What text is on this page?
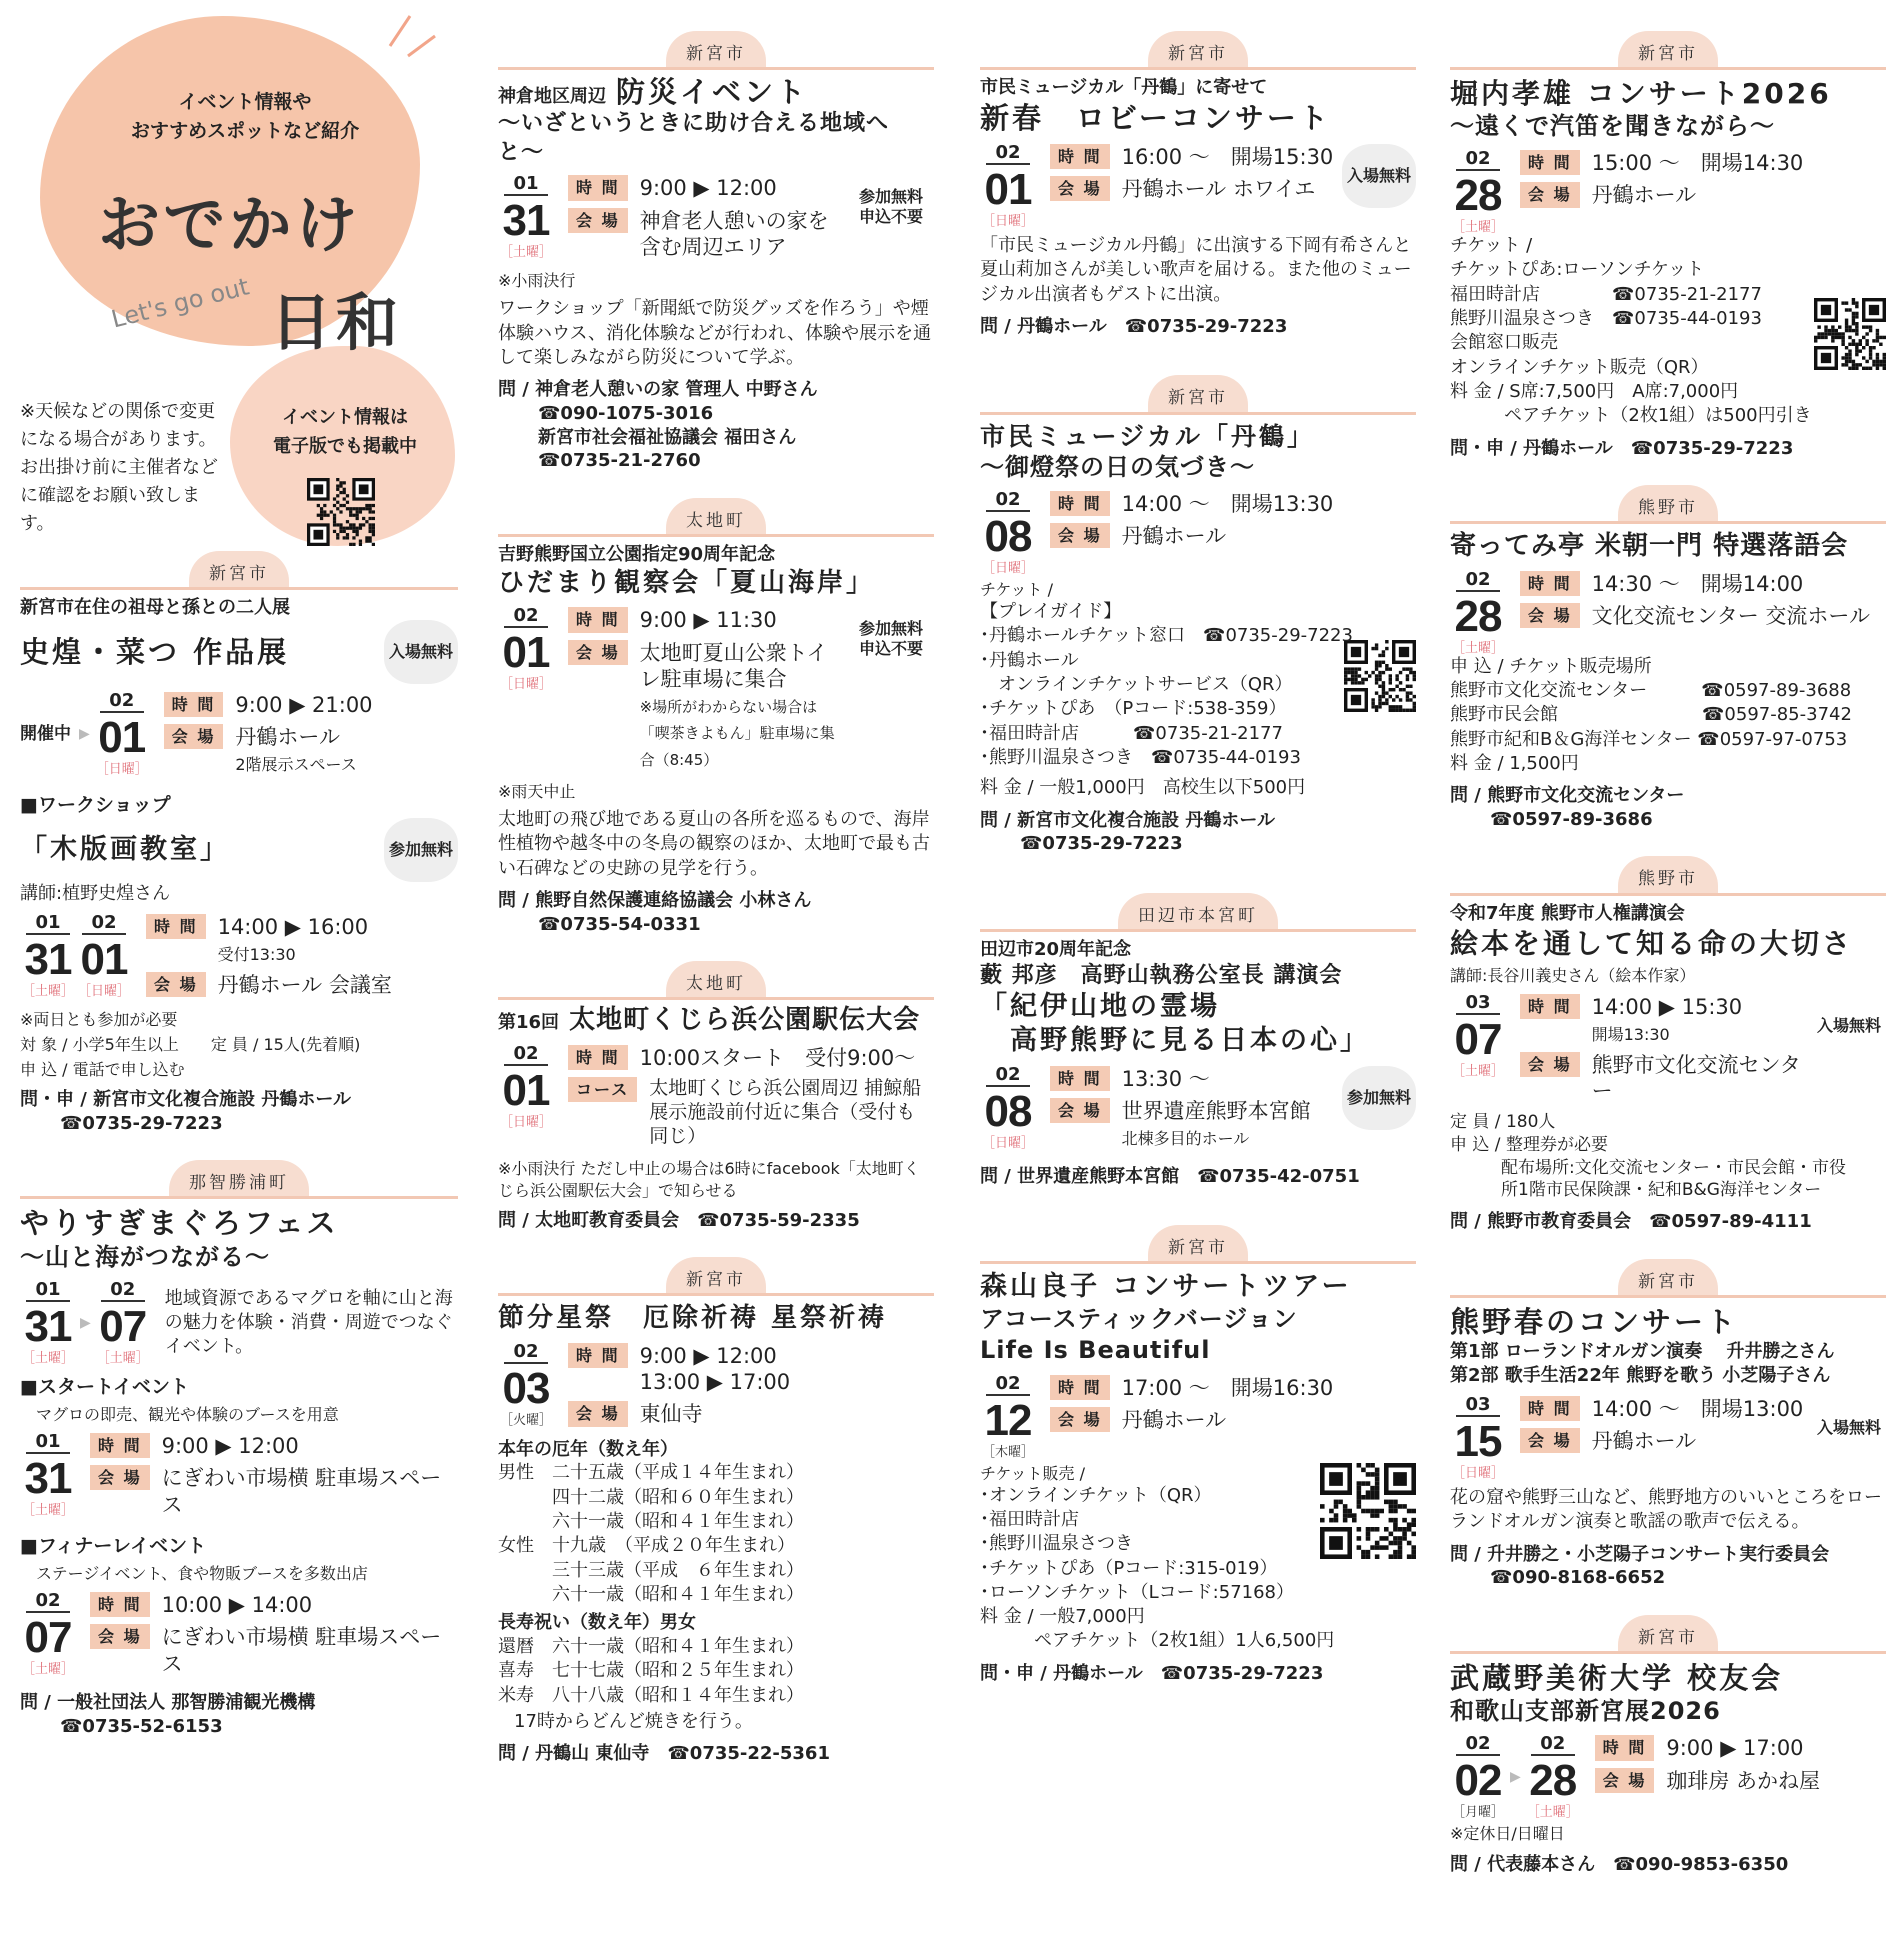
イベント情報や
おすすめスポットなど紹介
おでかけ
Let's go out 日和
※天候などの関係で変更になる場合があります。お出掛け前に主催者などに確認をお願い致します。
イベント情報は
電子版でも掲載中
新宮市
新宮市在住の祖母と孫との二人展
史煌・菜つ 作品展	入場無料
開催中 ▶
02
01
［日曜］
時 間 9:00 ▶ 21:00
会 場 丹鶴ホール
2階展示スペース
■ワークショップ
「木版画教室」	参加無料
講師:植野史煌さん
01
31
［土曜］
02
01
［日曜］
時 間 14:00 ▶ 16:00
受付13:30
会 場 丹鶴ホール 会議室
※両日とも参加が必要
対 象 / 小学5年生以上　　定 員 / 15人(先着順)
申 込 / 電話で申し込む
問・申 / 新宮市文化複合施設 丹鶴ホール
☎0735-29-7223
那智勝浦町
やりすぎまぐろフェス
〜山と海がつながる〜
01
31
［土曜］
▶
02
07
［土曜］
地域資源であるマグロを軸に山と海の魅力を体験・消費・周遊でつなぐイベント。
■スタートイベント
マグロの即売、観光や体験のブースを用意
01
31
［土曜］
時 間 9:00 ▶ 12:00
会 場 にぎわい市場横 駐車場スペース
■フィナーレイベント
ステージイベント、食や物販ブースを多数出店
02
07
［土曜］
時 間 10:00 ▶ 14:00
会 場 にぎわい市場横 駐車場スペース
問 / 一般社団法人 那智勝浦観光機構
☎0735-52-6153
新宮市
神倉地区周辺 防災イベント
〜いざというときに助け合える地域へと〜
01
31
［土曜］
時 間 9:00 ▶ 12:00
会 場 神倉老人憩いの家を含む周辺エリア
参加無料
申込不要
※小雨決行
ワークショップ「新聞紙で防災グッズを作ろう」や煙体験ハウス、消化体験などが行われ、体験や展示を通して楽しみながら防災について学ぶ。
問 / 神倉老人憩いの家 管理人 中野さん
☎090-1075-3016
新宮市社会福祉協議会 福田さん
☎0735-21-2760
太地町
吉野熊野国立公園指定90周年記念
ひだまり観察会「夏山海岸」
02
01
［日曜］
時 間 9:00 ▶ 11:30
会 場 太地町夏山公衆トイレ駐車場に集合
※場所がわからない場合は「喫茶きよもん」駐車場に集合（8:45）
参加無料
申込不要
※雨天中止
太地町の飛び地である夏山の各所を巡るもので、海岸性植物や越冬中の冬鳥の観察のほか、太地町で最も古い石碑などの史跡の見学を行う。
問 / 熊野自然保護連絡協議会 小林さん
☎0735-54-0331
太地町
第16回 太地町くじら浜公園駅伝大会
02
01
［日曜］
時 間 10:00スタート　受付9:00〜
コース	太地町くじら浜公園周辺 捕鯨船展示施設前付近に集合（受付も同じ）
※小雨決行 ただし中止の場合は6時にfacebook「太地町くじら浜公園駅伝大会」で知らせる
問 / 太地町教育委員会　☎0735-59-2335
新宮市
節分星祭　厄除祈祷 星祭祈祷
02
03
［火曜］
時 間 9:00 ▶ 12:00
13:00 ▶ 17:00
会 場 東仙寺
本年の厄年（数え年）
男性　二十五歳（平成１４年生まれ）
　　　四十二歳（昭和６０年生まれ）
　　　六十一歳（昭和４１年生まれ）
女性　十九歳　（平成２０年生まれ）
　　　三十三歳（平成　６年生まれ）
　　　六十一歳（昭和４１年生まれ）
長寿祝い（数え年）男女
還暦　六十一歳（昭和４１年生まれ）
喜寿　七十七歳（昭和２５年生まれ）
米寿　八十八歳（昭和１４年生まれ）
17時からどんど焼きを行う。
問 / 丹鶴山 東仙寺　☎0735-22-5361
新宮市
市民ミュージカル「丹鶴」に寄せて
新春　ロビーコンサート
02
01
［日曜］
時 間 16:00 〜　開場15:30
会 場 丹鶴ホール ホワイエ
入場無料
「市民ミュージカル丹鶴」に出演する下岡有希さんと夏山莉加さんが美しい歌声を届ける。また他のミュージカル出演者もゲストに出演。
問 / 丹鶴ホール　☎0735-29-7223
新宮市
市民ミュージカル「丹鶴」
〜御燈祭の日の気づき〜
02
08
［日曜］
時 間 14:00 〜　開場13:30
会 場 丹鶴ホール
チケット /
【プレイガイド】
･丹鶴ホールチケット窓口　☎0735-29-7223
･丹鶴ホール
　オンラインチケットサービス（QR）
･チケットぴあ　（Pコード:538-359）
･福田時計店　　　☎0735-21-2177
･熊野川温泉さつき　☎0735-44-0193
料 金 / 一般1,000円　高校生以下500円
問 / 新宮市文化複合施設 丹鶴ホール
☎0735-29-7223
田辺市本宮町
田辺市20周年記念
藪 邦彦　高野山執務公室長 講演会
「紀伊山地の霊場
　高野熊野に見る日本の心」
02
08
［日曜］
時 間 13:30 〜
会 場 世界遺産熊野本宮館
北棟多目的ホール
参加無料
問 / 世界遺産熊野本宮館　☎0735-42-0751
新宮市
森山良子 コンサートツアー
アコースティックバージョン
Life Is Beautiful
02
12
［木曜］
時 間 17:00 〜　開場16:30
会 場 丹鶴ホール
チケット販売 /
･オンラインチケット（QR）
･福田時計店
･熊野川温泉さつき
･チケットぴあ（Pコード:315-019）
･ローソンチケット（Lコード:57168）
料 金 / 一般7,000円
　　　ペアチケット（2枚1組）1人6,500円
問・申 / 丹鶴ホール　☎0735-29-7223
新宮市
堀内孝雄 コンサート2026
〜遠くで汽笛を聞きながら〜
02
28
［土曜］
時 間 15:00 〜　開場14:30
会 場 丹鶴ホール
チケット /
チケットぴあ:ローソンチケット
福田時計店　　　　☎0735-21-2177
熊野川温泉さつき　☎0735-44-0193
会館窓口販売
オンラインチケット販売（QR）
料 金 / S席:7,500円　A席:7,000円
　　　ペアチケット（2枚1組）は500円引き
問・申 / 丹鶴ホール　☎0735-29-7223
熊野市
寄ってみ亭 米朝一門 特選落語会
02
28
［土曜］
時 間 14:30 〜　開場14:00
会 場 文化交流センター 交流ホール
申 込 / チケット販売場所
熊野市文化交流センター　　　☎0597-89-3688
熊野市民会館　　　　　　　　☎0597-85-3742
熊野市紀和B＆G海洋センター ☎0597-97-0753
料 金 / 1,500円
問 / 熊野市文化交流センター
☎0597-89-3686
熊野市
令和7年度 熊野市人権講演会
絵本を通して知る命の大切さ
講師:長谷川義史さん（絵本作家）
03
07
［土曜］
時 間 14:00 ▶ 15:30
開場13:30
会 場 熊野市文化交流センター
入場無料
定 員 / 180人
申 込 / 整理券が必要
　　　配布場所:文化交流センター・市民会館・市役
　　　所1階市民保険課・紀和B&G海洋センター
問 / 熊野市教育委員会　☎0597-89-4111
新宮市
熊野春のコンサート
第1部 ローランドオルガン演奏　 升井勝之さん
第2部 歌手生活22年 熊野を歌う 小芝陽子さん
03
15
［日曜］
時 間 14:00 〜　開場13:00
会 場 丹鶴ホール
入場無料
花の窟や熊野三山など、熊野地方のいいところをローランドオルガン演奏と歌謡の歌声で伝える。
問 / 升井勝之・小芝陽子コンサート実行委員会
☎090-8168-6652
新宮市
武蔵野美術大学 校友会
和歌山支部新宮展2026
02
02
［月曜］
▶
02
28
［土曜］
時 間 9:00 ▶ 17:00
会 場 珈琲房 あかね屋
※定休日/日曜日
問 / 代表藤本さん　☎090-9853-6350
